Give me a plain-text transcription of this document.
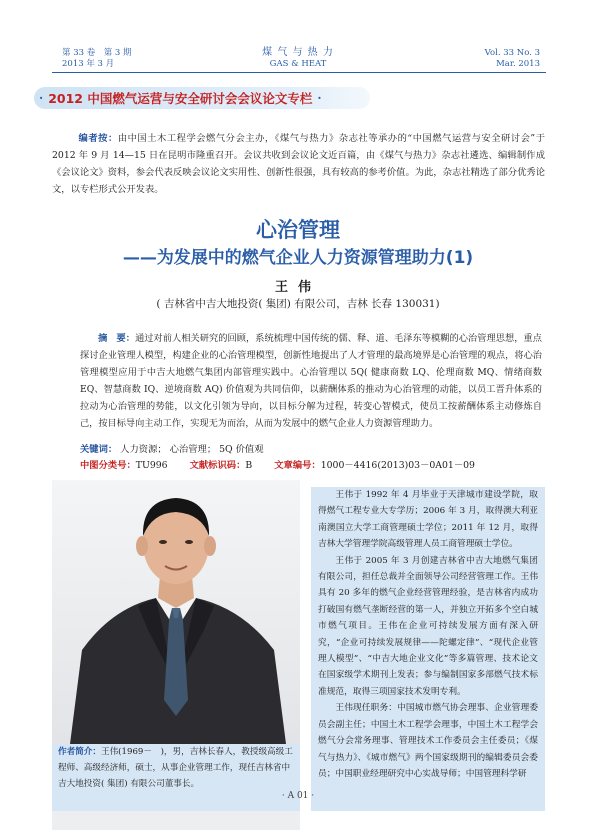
第 33 卷　第 3 期
2013 年 3 月
煤 气 与 热 力
GAS & HEAT
Vol. 33 No. 3
Mar. 2013
· 2012 中国燃气运营与安全研讨会会议论文专栏 ·
编者按：由中国土木工程学会燃气分会主办，《煤气与热力》杂志社等承办的“中国燃气运营与安全研讨会”于 2012 年 9 月 14—15 日在昆明市隆重召开。会议共收到会议论文近百篇，由《煤气与热力》杂志社遴选、编辑制作成《会议论文》资料，参会代表反映会议论文实用性、创新性很强，具有较高的参考价值。为此，杂志社精选了部分优秀论文，以专栏形式公开发表。
心治管理
——为发展中的燃气企业人力资源管理助力(1)
王伟
( 吉林省中吉大地投资( 集团) 有限公司，吉林 长春 130031)
摘　要：通过对前人相关研究的回顾，系统梳理中国传统的儒、释、道、毛泽东等模糊的心治管理思想，重点探讨企业管理人模型，构建企业的心治管理模型，创新性地提出了人才管理的最高境界是心治管理的观点，将心治管理模型应用于中吉大地燃气集团内部管理实践中。心治管理以 5Q( 健康商数 LQ、伦理商数 MQ、情绪商数 EQ、智慧商数 IQ、逆境商数 AQ) 价值观为共同信仰，以薪酬体系的推动为心治管理的动能，以员工晋升体系的拉动为心治管理的势能，以文化引领为导向，以目标分解为过程，转变心智模式，使员工按薪酬体系主动修炼自己，按目标导向主动工作，实现无为而治，从而为发展中的燃气企业人力资源管理助力。
关键词： 人力资源； 心治管理； 5Q 价值观
中图分类号：TU996 文献标识码：B 文章编号：1000－4416(2013)03－0A01－09
作者简介：王伟(1969－　)，男，吉林长春人，教授级高级工程师、高级经济师，硕士，从事企业管理工作，现任吉林省中吉大地投资( 集团) 有限公司董事长。

王伟于 1992 年 4 月毕业于天津城市建设学院，取得燃气工程专业大专学历；2006 年 3 月，取得澳大利亚南澳国立大学工商管理硕士学位；2011 年 12 月，取得吉林大学管理学院高级管理人员工商管理硕士学位。

王伟于 2005 年 3 月创建吉林省中吉大地燃气集团有限公司，担任总裁并全面领导公司经营管理工作。王伟具有 20 多年的燃气企业经营管理经验，是吉林省内成功打破国有燃气垄断经营的第一人，并独立开拓多个空白城市燃气项目。王伟在企业可持续发展方面有深入研究，“企业可持续发展规律——陀螺定律”、“现代企业管理人模型”、“中吉大地企业文化”等多篇管理、技术论文在国家级学术期刊上发表；参与编制国家多部燃气技术标准规范，取得三项国家技术发明专利。

王伟现任职务：中国城市燃气协会理事、企业管理委员会副主任；中国土木工程学会理事，中国土木工程学会燃气分会常务理事、管理技术工作委员会主任委员；《煤气与热力》、《城市燃气》两个国家级期刊的编辑委员会委员；中国职业经理研究中心实战导师；中国管理科学研

· A 01 ·
